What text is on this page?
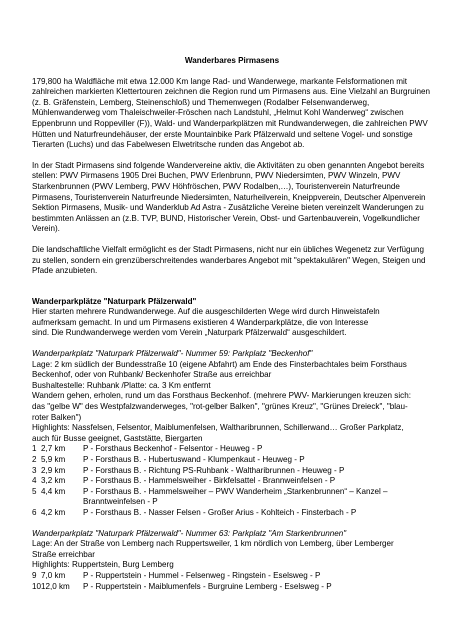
Wanderbares Pirmasens

179,800 ha Waldfläche mit etwa 12.000 Km lange Rad- und Wanderwege, markante Felsformationen mit zahlreichen markierten Klettertouren zeichnen die Region rund um Pirmasens aus. Eine Vielzahl an Burgruinen (z. B. Gräfenstein, Lemberg, Steinenschloß) und Themenwegen (Rodalber Felsenwanderweg, Mühlenwanderweg vom Thaleischweiler-Fröschen nach Landstuhl, „Helmut Kohl Wanderweg“ zwischen Eppenbrunn und Roppeviller (F)), Wald- und Wanderparkplätzen mit Rundwanderwegen, die zahlreichen PWV Hütten und Naturfreundehäuser, der erste Mountainbike Park Pfälzerwald und seltene Vogel- und sonstige Tierarten (Luchs) und das Fabelwesen Elwetritsche runden das Angebot ab.

In der Stadt Pirmasens sind folgende Wandervereine aktiv, die Aktivitäten zu oben genannten Angebot bereits stellen: PWV Pirmasens 1905 Drei Buchen, PWV Erlenbrunn, PWV Niedersimten, PWV Winzeln, PWV Starkenbrunnen (PWV Lemberg, PWV Höhfröschen, PWV Rodalben,…), Touristenverein Naturfreunde Pirmasens, Touristenverein Naturfreunde Niedersimten, Naturheilverein, Kneippverein, Deutscher Alpenverein Sektion Pirmasens, Musik- und Wanderklub Ad Astra - Zusätzliche Vereine bieten vereinzelt Wanderungen zu bestimmten Anlässen an (z.B. TVP, BUND, Historischer Verein, Obst- und Gartenbauverein, Vogelkundlicher Verein).

Die landschaftliche Vielfalt ermöglicht es der Stadt Pirmasens, nicht nur ein übliches Wegenetz zur Verfügung zu stellen, sondern ein grenzüberschreitendes wanderbares Angebot mit "spektakulären" Wegen, Steigen und Pfade anzubieten.

Wanderparkplätze "Naturpark Pfälzerwald"
Hier starten mehrere Rundwanderwege. Auf die ausgeschilderten Wege wird durch Hinweistafeln
aufmerksam gemacht. In und um Pirmasens existieren 4 Wanderparkplätze, die von Interesse
sind. Die Rundwanderwege werden vom Verein „Naturpark Pfälzerwald“ ausgeschildert.
Wanderparkplatz "Naturpark Pfälzerwald"- Nummer 59: Parkplatz "Beckenhof"
Lage: 2 km südlich der Bundesstraße 10 (eigene Abfahrt) am Ende des Finsterbachtales beim Forsthaus
Beckenhof, oder von Ruhbank/ Beckenhofer Straße aus erreichbar
Bushaltestelle: Ruhbank /Platte: ca. 3 Km entfernt
Wandern gehen, erholen, rund um das Forsthaus Beckenhof. (mehrere PWV- Markierungen kreuzen sich:
das "gelbe W" des Westpfalzwanderweges, "rot-gelber Balken", "grünes Kreuz", "Grünes Dreieck", "blau-
roter Balken")
Highlights: Nassfelsen, Felsentor, Maiblumenfelsen, Waltharibrunnen, Schillerwand… Großer Parkplatz,
auch für Busse geeignet, Gaststätte, Biergarten
1 2,7 km	P - Forsthaus Beckenhof - Felsentor - Heuweg - P
2 5,9 km	P - Forsthaus B. - Hubertuswand - Klumpenkaut - Heuweg - P
3 2,9 km	P - Forsthaus B. - Richtung PS-Ruhbank - Waltharibrunnen - Heuweg - P
4 3,2 km	P - Forsthaus B. - Hammelsweiher - Birkfelsattel - Brannweinfelsen - P
5 4,4 km	P - Forsthaus B. - Hammelsweiher – PWV Wanderheim „Starkenbrunnen“ – Kanzel –
Branntweinfelsen - P
6 4,2 km	P - Forsthaus B. - Nasser Felsen - Großer Arius - Kohlteich - Finsterbach - P
Wanderparkplatz "Naturpark Pfälzerwald"- Nummer 63: Parkplatz "Am Starkenbrunnen"
Lage: An der Straße von Lemberg nach Ruppertsweiler, 1 km nördlich von Lemberg, über Lemberger
Straße erreichbar
Highlights: Ruppertstein, Burg Lemberg
9 7,0 km	P - Ruppertstein - Hummel - Felsenweg - Ringstein - Eselsweg - P
10 12,0 km	P - Ruppertstein - Maiblumenfels - Burgruine Lemberg - Eselsweg - P
